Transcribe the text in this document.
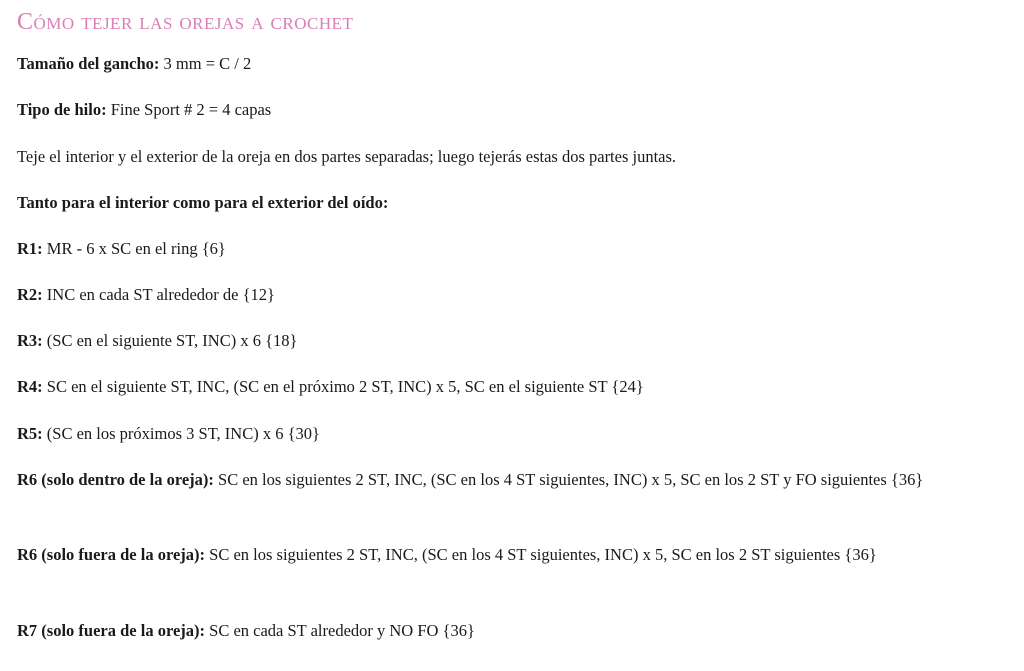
Cómo tejer las orejas a crochet

Tamaño del gancho: 3 mm = C / 2

Tipo de hilo: Fine Sport # 2 = 4 capas

Teje el interior y el exterior de la oreja en dos partes separadas; luego tejerás estas dos partes juntas.

Tanto para el interior como para el exterior del oído:

R1: MR - 6 x SC en el ring {6}

R2: INC en cada ST alrededor de {12}

R3: (SC en el siguiente ST, INC) x 6 {18}

R4: SC en el siguiente ST, INC, (SC en el próximo 2 ST, INC) x 5, SC en el siguiente ST {24}

R5: (SC en los próximos 3 ST, INC) x 6 {30}

R6 (solo dentro de la oreja): SC en los siguientes 2 ST, INC, (SC en los 4 ST siguientes, INC) x 5, SC en los 2 ST y FO siguientes {36}

R6 (solo fuera de la oreja): SC en los siguientes 2 ST, INC, (SC en los 4 ST siguientes, INC) x 5, SC en los 2 ST siguientes {36}

R7 (solo fuera de la oreja): SC en cada ST alrededor y NO FO {36}
